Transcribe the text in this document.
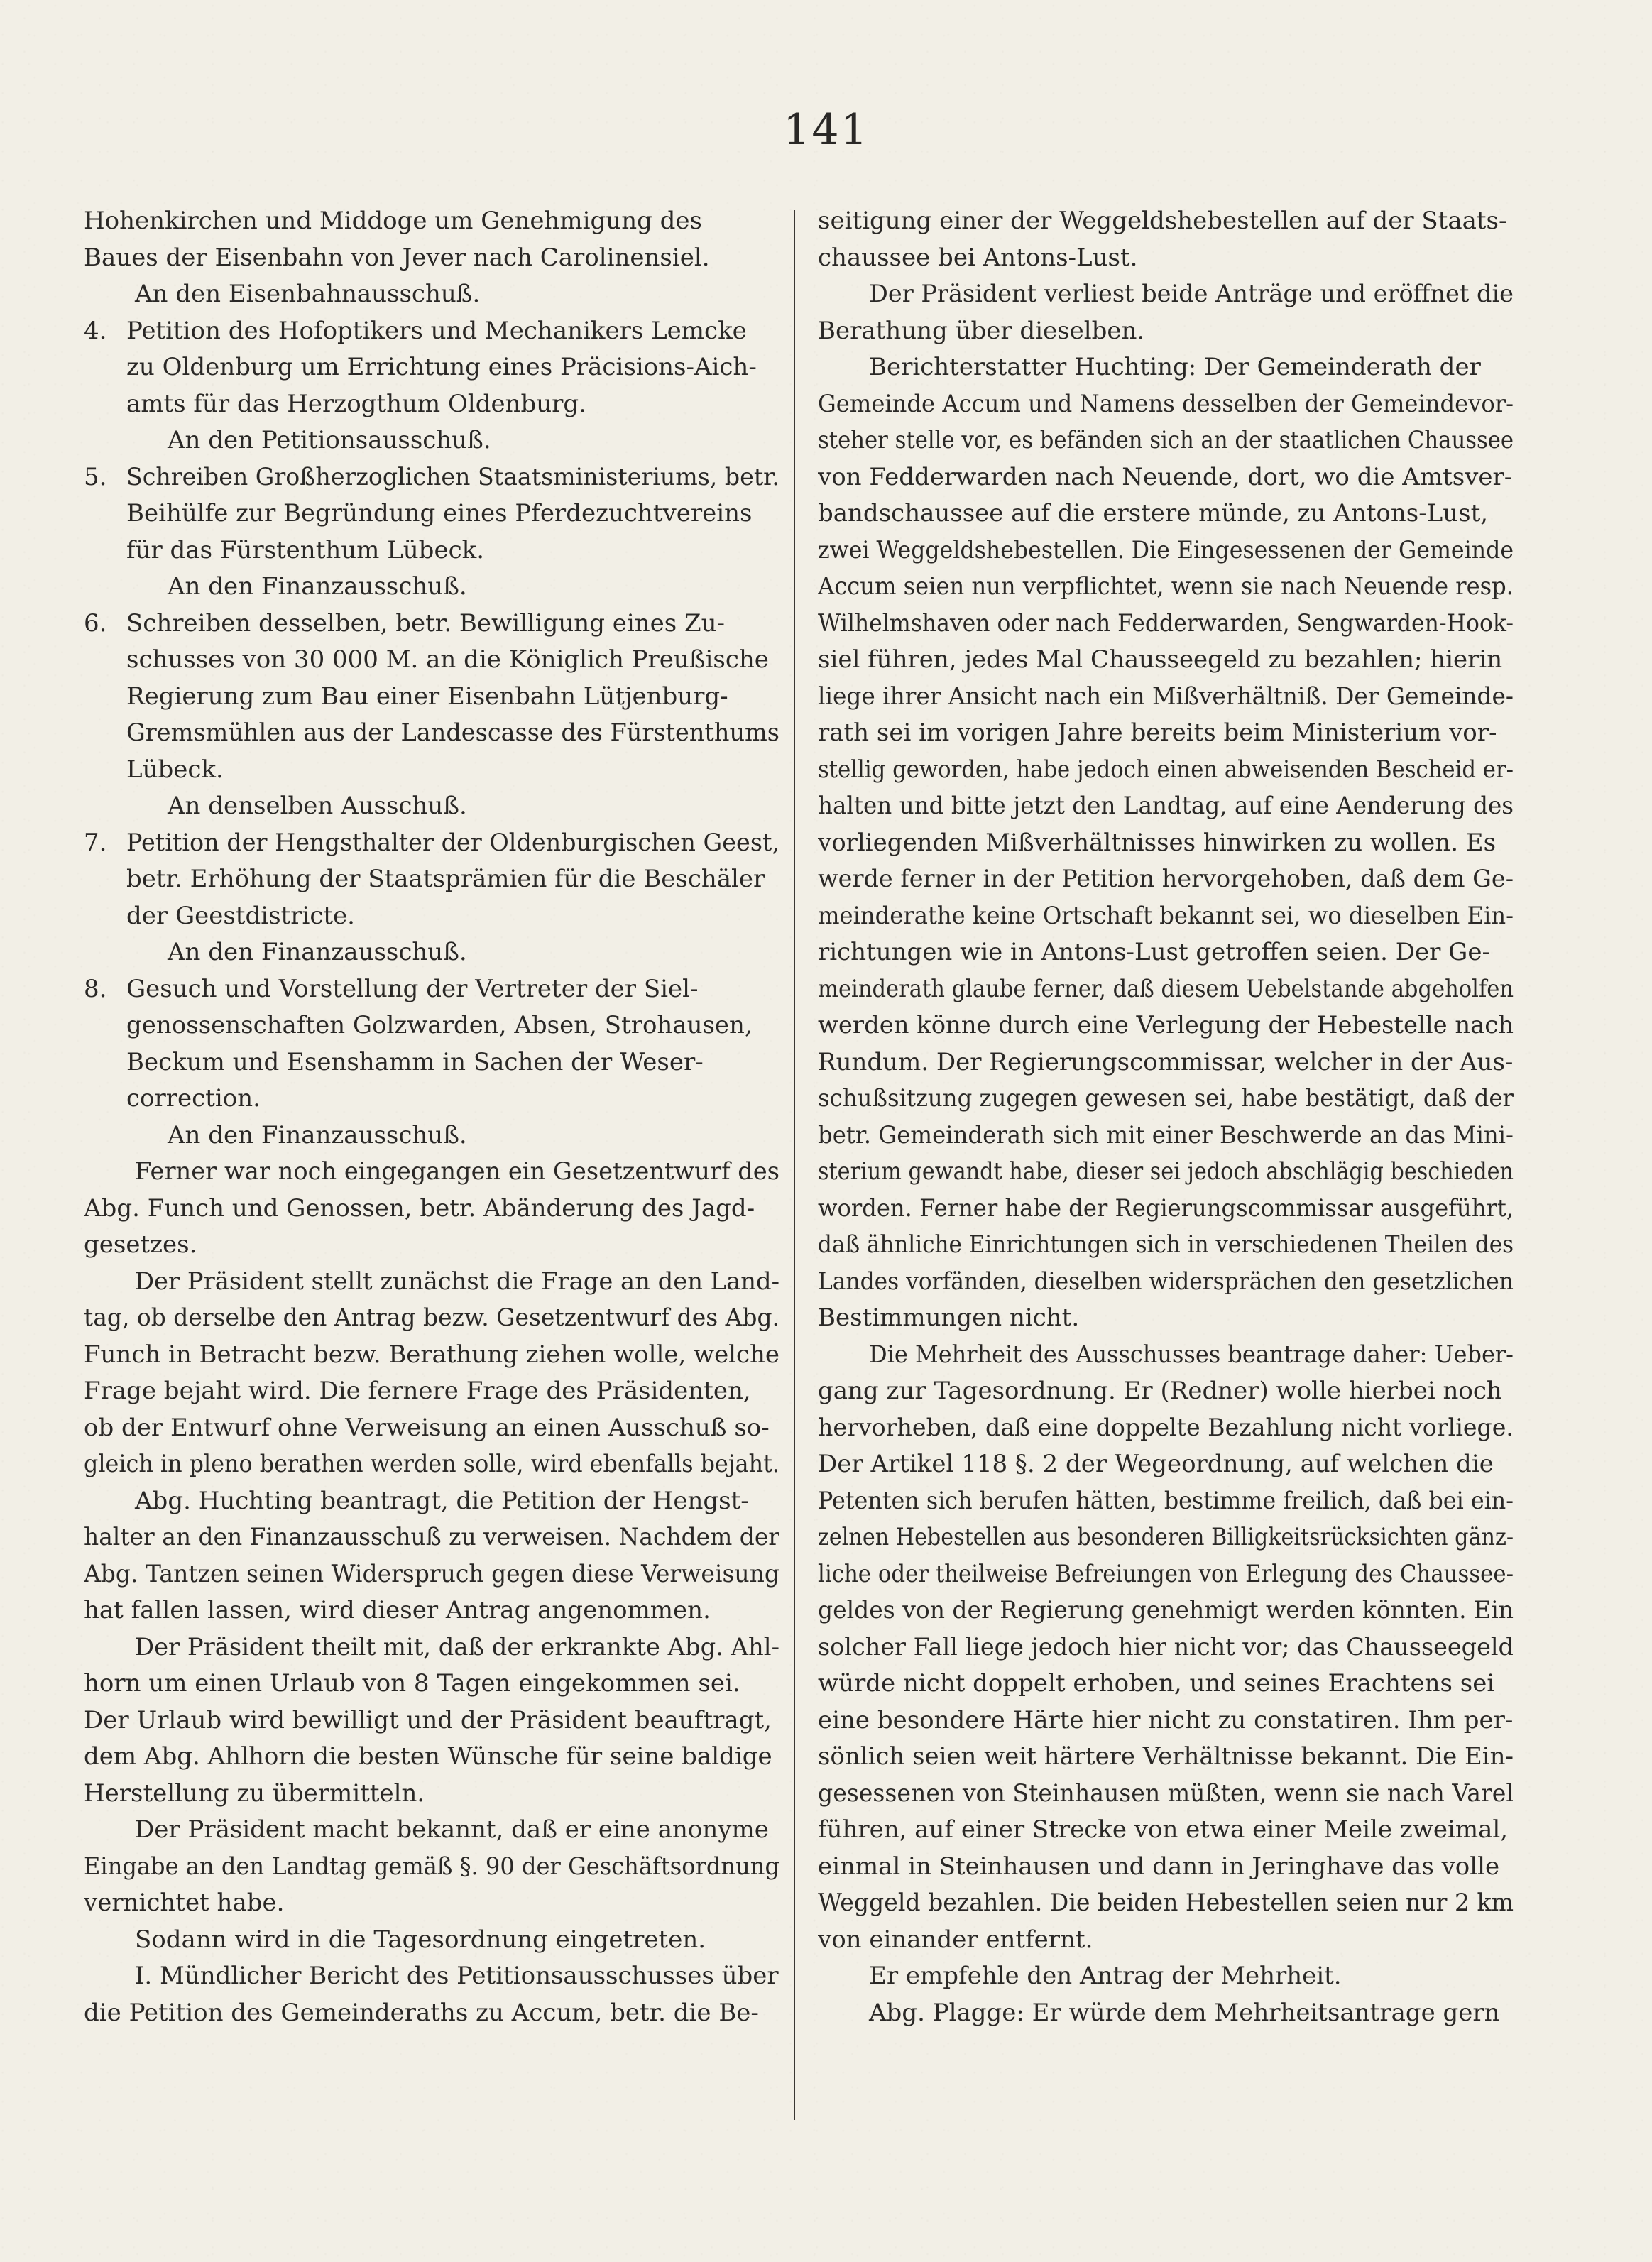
141
Hohenkirchen und Middoge um Genehmigung des
Baues der Eisenbahn von Jever nach Carolinensiel.
An den Eisenbahnausschuß.
4. Petition des Hofoptikers und Mechanikers Lemcke
zu Oldenburg um Errichtung eines Präcisions-Aich-
amts für das Herzogthum Oldenburg.
An den Petitionsausschuß.
5. Schreiben Großherzoglichen Staatsministeriums, betr.
Beihülfe zur Begründung eines Pferdezuchtvereins
für das Fürstenthum Lübeck.
An den Finanzausschuß.
6. Schreiben desselben, betr. Bewilligung eines Zu-
schusses von 30 000 M. an die Königlich Preußische
Regierung zum Bau einer Eisenbahn Lütjenburg-
Gremsmühlen aus der Landescasse des Fürstenthums
Lübeck.
An denselben Ausschuß.
7. Petition der Hengsthalter der Oldenburgischen Geest,
betr. Erhöhung der Staatsprämien für die Beschäler
der Geestdistricte.
An den Finanzausschuß.
8. Gesuch und Vorstellung der Vertreter der Siel-
genossenschaften Golzwarden, Absen, Strohausen,
Beckum und Esenshamm in Sachen der Weser-
correction.
An den Finanzausschuß.

Ferner war noch eingegangen ein Gesetzentwurf des
Abg. Funch und Genossen, betr. Abänderung des Jagd-
gesetzes.

Der Präsident stellt zunächst die Frage an den Land-
tag, ob derselbe den Antrag bezw. Gesetzentwurf des Abg.
Funch in Betracht bezw. Berathung ziehen wolle, welche
Frage bejaht wird. Die fernere Frage des Präsidenten,
ob der Entwurf ohne Verweisung an einen Ausschuß so-
gleich in pleno berathen werden solle, wird ebenfalls bejaht.

Abg. Huchting beantragt, die Petition der Hengst-
halter an den Finanzausschuß zu verweisen. Nachdem der
Abg. Tantzen seinen Widerspruch gegen diese Verweisung
hat fallen lassen, wird dieser Antrag angenommen.

Der Präsident theilt mit, daß der erkrankte Abg. Ahl-
horn um einen Urlaub von 8 Tagen eingekommen sei.
Der Urlaub wird bewilligt und der Präsident beauftragt,
dem Abg. Ahlhorn die besten Wünsche für seine baldige
Herstellung zu übermitteln.

Der Präsident macht bekannt, daß er eine anonyme
Eingabe an den Landtag gemäß §. 90 der Geschäftsordnung
vernichtet habe.

Sodann wird in die Tagesordnung eingetreten.

I. Mündlicher Bericht des Petitionsausschusses über
die Petition des Gemeinderaths zu Accum, betr. die Be-

seitigung einer der Weggeldshebestellen auf der Staats-
chaussee bei Antons-Lust.

Der Präsident verliest beide Anträge und eröffnet die
Berathung über dieselben.

Berichterstatter Huchting: Der Gemeinderath der
Gemeinde Accum und Namens desselben der Gemeindevor-
steher stelle vor, es befänden sich an der staatlichen Chaussee
von Fedderwarden nach Neuende, dort, wo die Amtsver-
bandschaussee auf die erstere münde, zu Antons-Lust,
zwei Weggeldshebestellen. Die Eingesessenen der Gemeinde
Accum seien nun verpflichtet, wenn sie nach Neuende resp.
Wilhelmshaven oder nach Fedderwarden, Sengwarden-Hook-
siel führen, jedes Mal Chausseegeld zu bezahlen; hierin
liege ihrer Ansicht nach ein Mißverhältniß. Der Gemeinde-
rath sei im vorigen Jahre bereits beim Ministerium vor-
stellig geworden, habe jedoch einen abweisenden Bescheid er-
halten und bitte jetzt den Landtag, auf eine Aenderung des
vorliegenden Mißverhältnisses hinwirken zu wollen. Es
werde ferner in der Petition hervorgehoben, daß dem Ge-
meinderathe keine Ortschaft bekannt sei, wo dieselben Ein-
richtungen wie in Antons-Lust getroffen seien. Der Ge-
meinderath glaube ferner, daß diesem Uebelstande abgeholfen
werden könne durch eine Verlegung der Hebestelle nach
Rundum. Der Regierungscommissar, welcher in der Aus-
schußsitzung zugegen gewesen sei, habe bestätigt, daß der
betr. Gemeinderath sich mit einer Beschwerde an das Mini-
sterium gewandt habe, dieser sei jedoch abschlägig beschieden
worden. Ferner habe der Regierungscommissar ausgeführt,
daß ähnliche Einrichtungen sich in verschiedenen Theilen des
Landes vorfänden, dieselben widersprächen den gesetzlichen
Bestimmungen nicht.

Die Mehrheit des Ausschusses beantrage daher: Ueber-
gang zur Tagesordnung. Er (Redner) wolle hierbei noch
hervorheben, daß eine doppelte Bezahlung nicht vorliege.
Der Artikel 118 §. 2 der Wegeordnung, auf welchen die
Petenten sich berufen hätten, bestimme freilich, daß bei ein-
zelnen Hebestellen aus besonderen Billigkeitsrücksichten gänz-
liche oder theilweise Befreiungen von Erlegung des Chaussee-
geldes von der Regierung genehmigt werden könnten. Ein
solcher Fall liege jedoch hier nicht vor; das Chausseegeld
würde nicht doppelt erhoben, und seines Erachtens sei
eine besondere Härte hier nicht zu constatiren. Ihm per-
sönlich seien weit härtere Verhältnisse bekannt. Die Ein-
gesessenen von Steinhausen müßten, wenn sie nach Varel
führen, auf einer Strecke von etwa einer Meile zweimal,
einmal in Steinhausen und dann in Jeringhave das volle
Weggeld bezahlen. Die beiden Hebestellen seien nur 2 km
von einander entfernt.

Er empfehle den Antrag der Mehrheit.

Abg. Plagge: Er würde dem Mehrheitsantrage gern
